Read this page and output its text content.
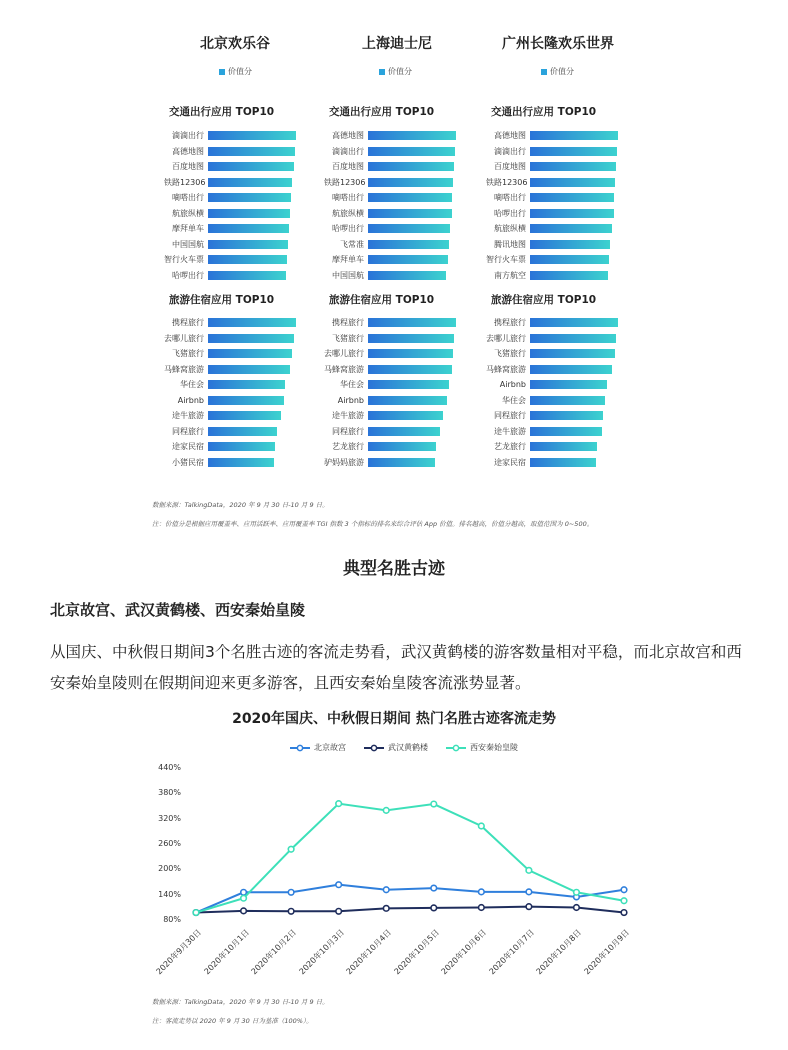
北京欢乐谷
价值分
交通出行应用 TOP10
滴滴出行
高德地图
百度地图
铁路12306
嘀嗒出行
航旅纵横
摩拜单车
中国国航
智行火车票
哈啰出行
旅游住宿应用 TOP10
携程旅行
去哪儿旅行
飞猪旅行
马蜂窝旅游
华住会
Airbnb
途牛旅游
同程旅行
途家民宿
小猪民宿
上海迪士尼
价值分
交通出行应用 TOP10
高德地图
滴滴出行
百度地图
铁路12306
嘀嗒出行
航旅纵横
哈啰出行
飞常准
摩拜单车
中国国航
旅游住宿应用 TOP10
携程旅行
飞猪旅行
去哪儿旅行
马蜂窝旅游
华住会
Airbnb
途牛旅游
同程旅行
艺龙旅行
驴妈妈旅游
广州长隆欢乐世界
价值分
交通出行应用 TOP10
高德地图
滴滴出行
百度地图
铁路12306
嘀嗒出行
哈啰出行
航旅纵横
腾讯地图
智行火车票
南方航空
旅游住宿应用 TOP10
携程旅行
去哪儿旅行
飞猪旅行
马蜂窝旅游
Airbnb
华住会
同程旅行
途牛旅游
艺龙旅行
途家民宿
数据来源：TalkingData，2020 年 9 月 30 日-10 月 9 日。
注：价值分是根据应用覆盖率、应用活跃率、应用覆盖率 TGI 指数 3 个指标的排名来综合评估 App 价值。排名越高，价值分越高，取值范围为 0~500。
典型名胜古迹
北京故宫、武汉黄鹤楼、西安秦始皇陵
从国庆、中秋假日期间3个名胜古迹的客流走势看，武汉黄鹤楼的游客数量相对平稳，而北京故宫和西安秦始皇陵则在假期间迎来更多游客，且西安秦始皇陵客流涨势显著。
2020年国庆、中秋假日期间 热门名胜古迹客流走势
北京故宫	武汉黄鹤楼	西安秦始皇陵
数据来源：TalkingData，2020 年 9 月 30 日-10 月 9 日。
注：客流走势以 2020 年 9 月 30 日为基准（100%）。
440%
380%
320%
260%
200%
140%
80%
2020年9月30日 2020年10月1日 2020年10月2日 2020年10月3日 2020年10月4日 2020年10月5日 2020年10月6日 2020年10月7日 2020年10月8日 2020年10月9日
